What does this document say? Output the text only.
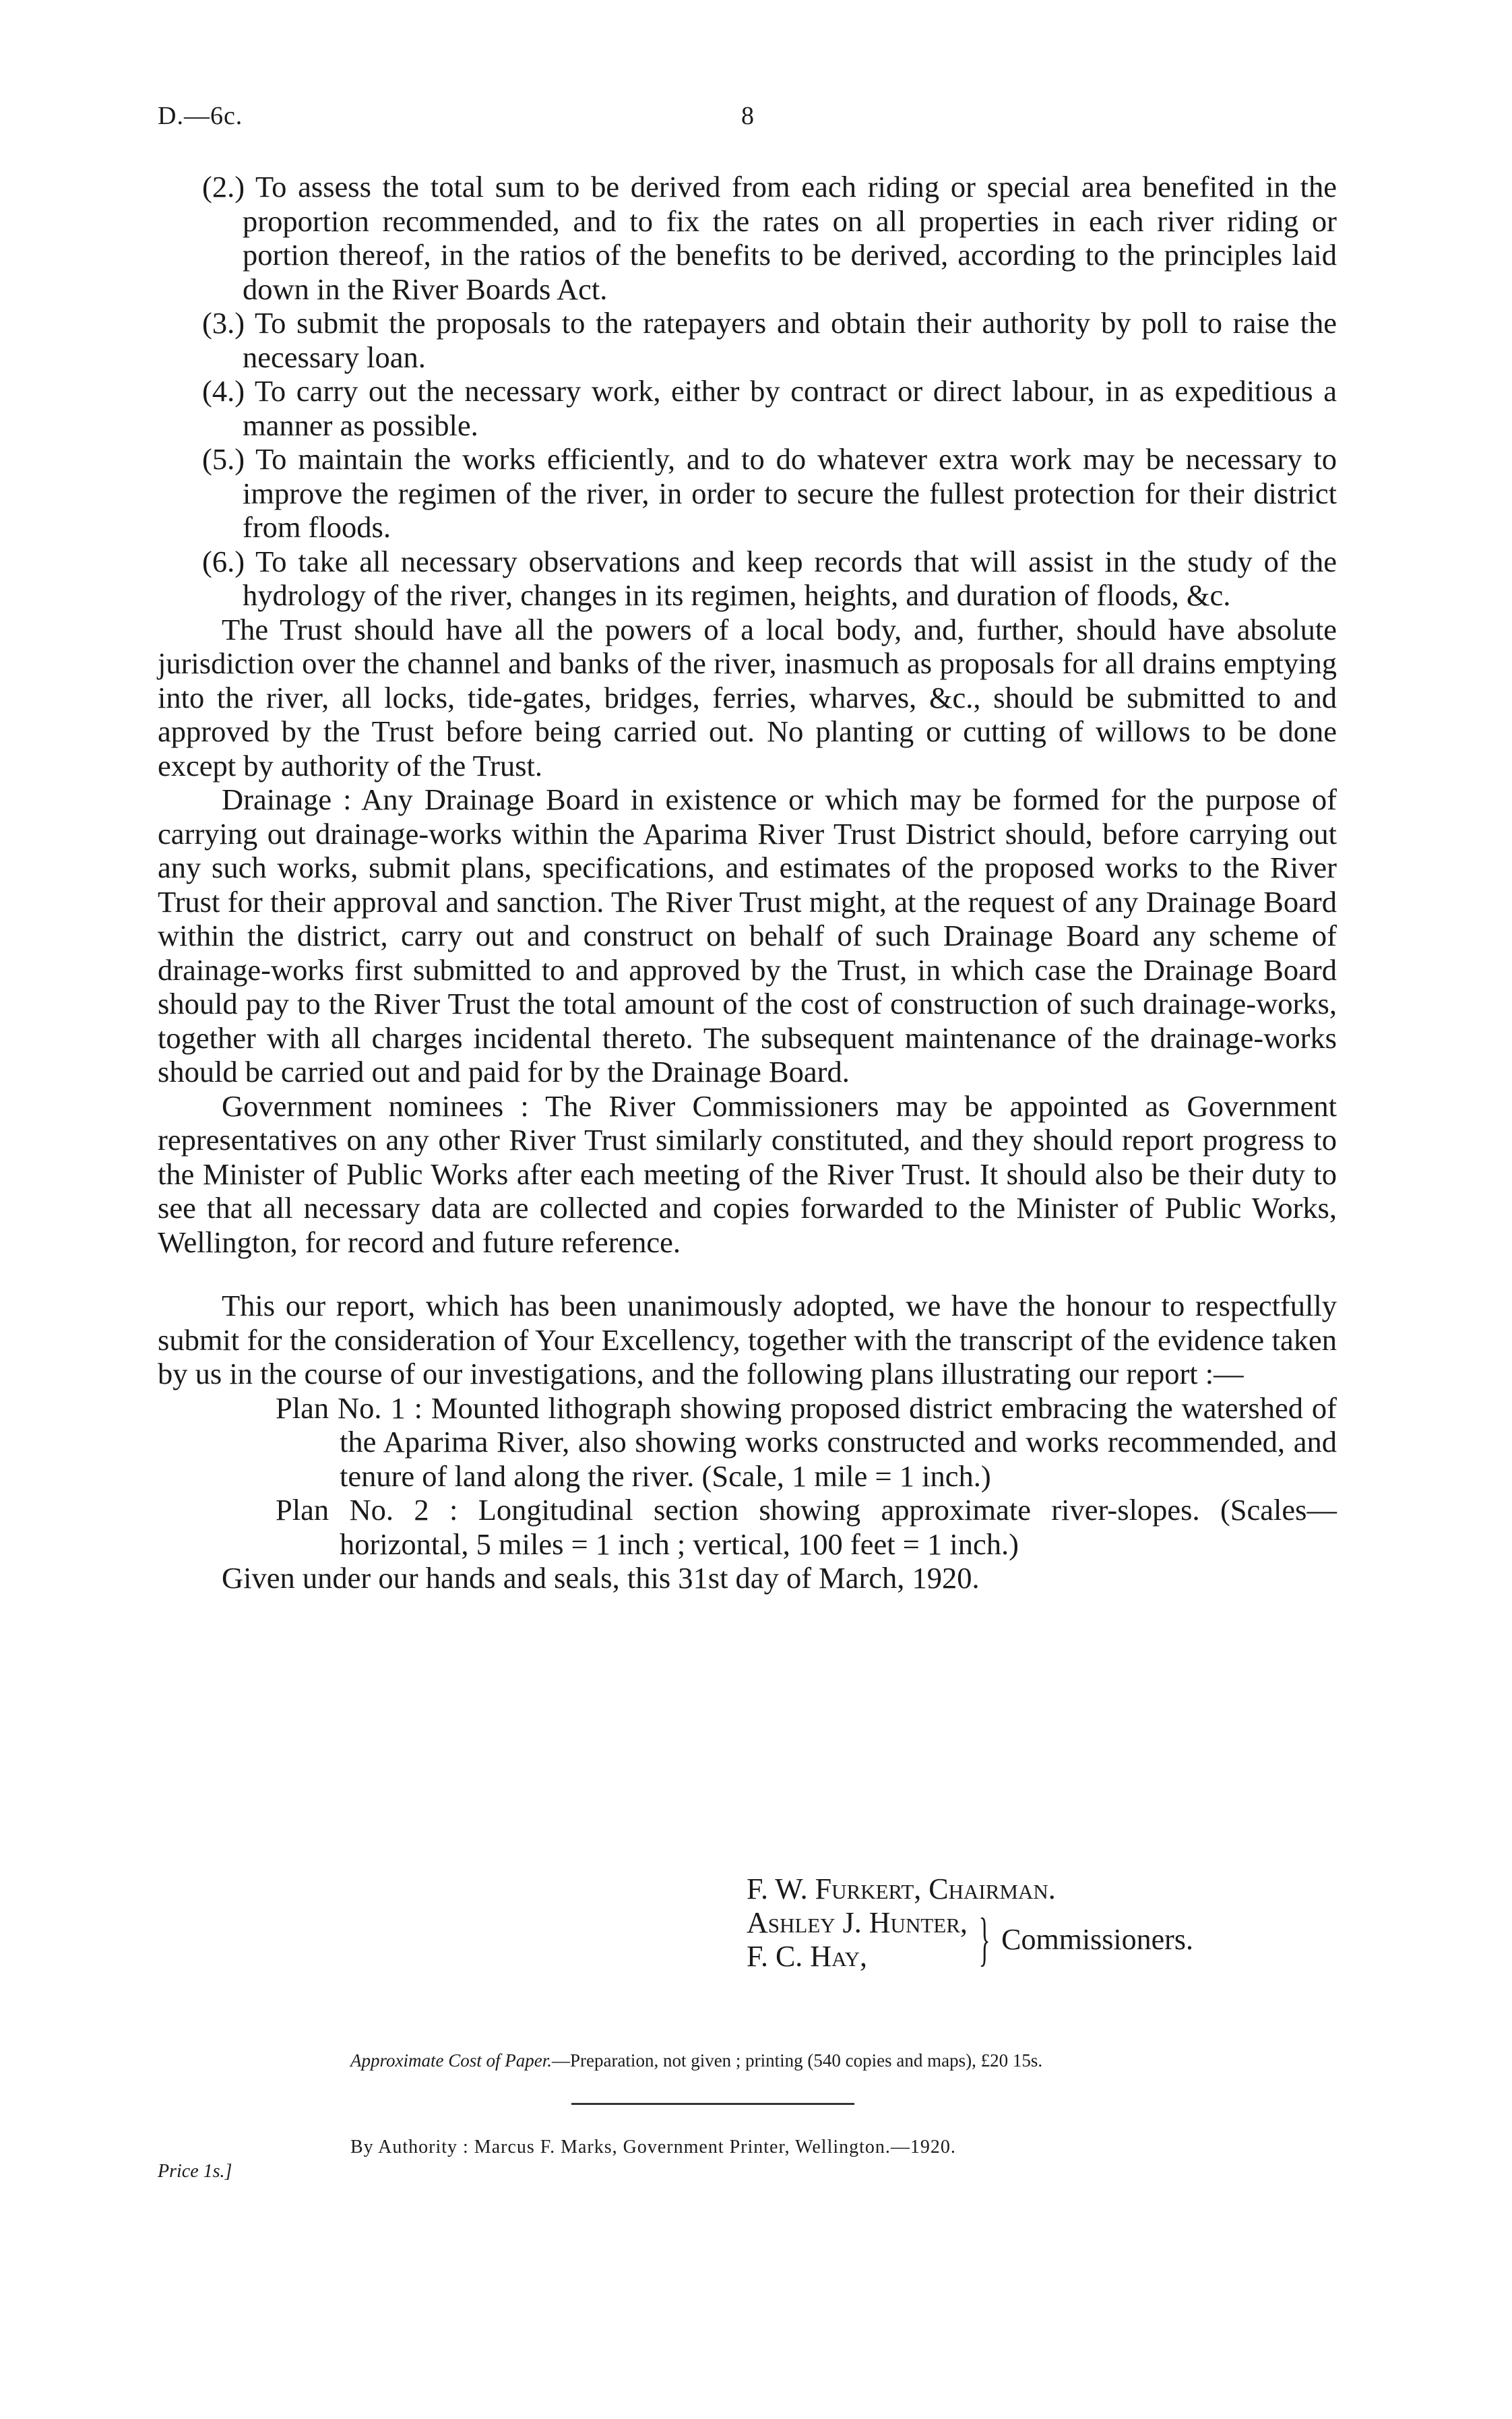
D.—6c.	8

(2.) To assess the total sum to be derived from each riding or special area benefited in the proportion recommended, and to fix the rates on all properties in each river riding or portion thereof, in the ratios of the benefits to be derived, according to the principles laid down in the River Boards Act.

(3.) To submit the proposals to the ratepayers and obtain their authority by poll to raise the necessary loan.

(4.) To carry out the necessary work, either by contract or direct labour, in as expeditious a manner as possible.

(5.) To maintain the works efficiently, and to do whatever extra work may be necessary to improve the regimen of the river, in order to secure the fullest protection for their district from floods.

(6.) To take all necessary observations and keep records that will assist in the study of the hydrology of the river, changes in its regimen, heights, and duration of floods, &c.

The Trust should have all the powers of a local body, and, further, should have absolute jurisdiction over the channel and banks of the river, inasmuch as proposals for all drains emptying into the river, all locks, tide-gates, bridges, ferries, wharves, &c., should be submitted to and approved by the Trust before being carried out. No planting or cutting of willows to be done except by authority of the Trust.

Drainage : Any Drainage Board in existence or which may be formed for the purpose of carrying out drainage-works within the Aparima River Trust District should, before carrying out any such works, submit plans, specifications, and estimates of the proposed works to the River Trust for their approval and sanction. The River Trust might, at the request of any Drainage Board within the district, carry out and construct on behalf of such Drainage Board any scheme of drainage-works first submitted to and approved by the Trust, in which case the Drainage Board should pay to the River Trust the total amount of the cost of construction of such drainage-works, together with all charges incidental thereto. The subsequent maintenance of the drainage-works should be carried out and paid for by the Drainage Board.

Government nominees : The River Commissioners may be appointed as Government representatives on any other River Trust similarly constituted, and they should report progress to the Minister of Public Works after each meeting of the River Trust. It should also be their duty to see that all necessary data are collected and copies forwarded to the Minister of Public Works, Wellington, for record and future reference.

This our report, which has been unanimously adopted, we have the honour to respectfully submit for the consideration of Your Excellency, together with the transcript of the evidence taken by us in the course of our investigations, and the following plans illustrating our report :—

Plan No. 1 : Mounted lithograph showing proposed district embracing the watershed of the Aparima River, also showing works constructed and works recommended, and tenure of land along the river. (Scale, 1 mile = 1 inch.)

Plan No. 2 : Longitudinal section showing approximate river-slopes. (Scales—horizontal, 5 miles = 1 inch ; vertical, 100 feet = 1 inch.)

Given under our hands and seals, this 31st day of March, 1920.

F. W. Furkert, Chairman.
Ashley J. Hunter,
F. C. Hay,	} Commissioners.
Approximate Cost of Paper.—Preparation, not given ; printing (540 copies and maps), £20 15s.
By Authority : Marcus F. Marks, Government Printer, Wellington.—1920.
Price 1s.]
